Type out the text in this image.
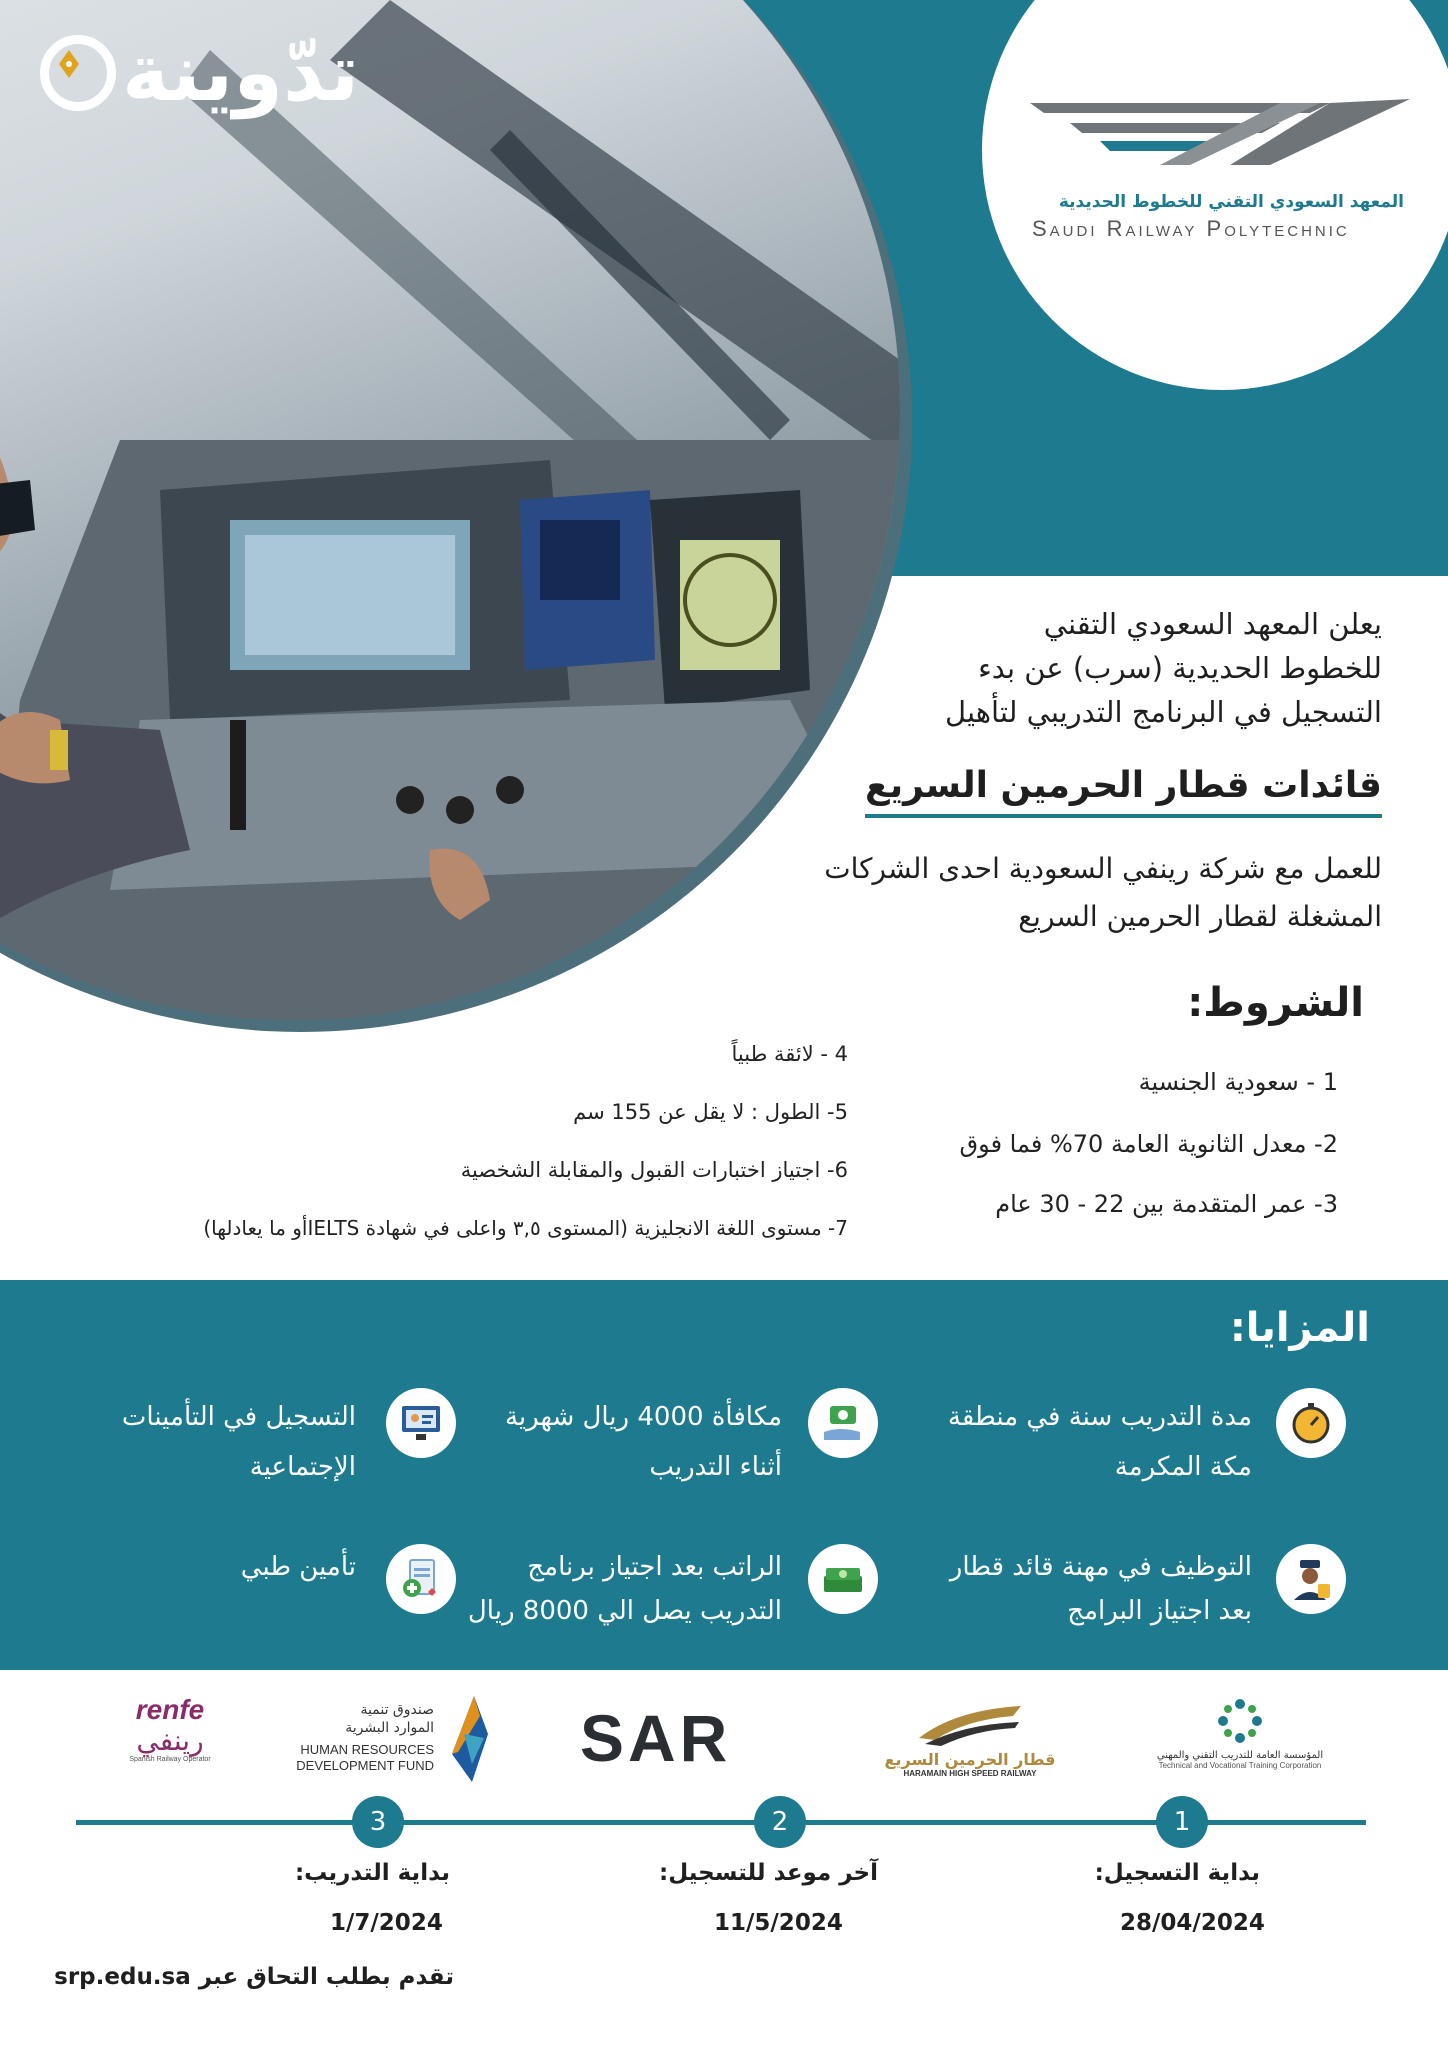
المعهد السعودي التقني للخطوط الحديدية
Saudi Railway Polytechnic
تدّوينة
يعلن المعهد السعودي التقني
للخطوط الحديدية (سرب) عن بدء
التسجيل في البرنامج التدريبي لتأهيل
قائدات قطار الحرمين السريع
للعمل مع شركة رينفي السعودية احدى الشركات
المشغلة لقطار الحرمين السريع
الشروط:
1 - سعودية الجنسية
2- معدل الثانوية العامة 70% فما فوق
3- عمر المتقدمة بين 22 - 30 عام
4 - لائقة طبياً
5- الطول : لا يقل عن 155 سم
6- اجتياز اختبارات القبول والمقابلة الشخصية
7- مستوى اللغة الانجليزية (المستوى ٣,٥ واعلى في شهادة IELTSأو ما يعادلها)
المزايا:
مدة التدريب سنة في منطقة
مكة المكرمة
مكافأة 4000 ريال شهرية
أثناء التدريب
التسجيل في التأمينات
الإجتماعية
التوظيف في مهنة قائد قطار
بعد اجتياز البرامج
الراتب بعد اجتياز برنامج
التدريب يصل الي 8000 ريال
تأمين طبي
المؤسسة العامة للتدريب التقني والمهني
Technical and Vocational Training Corporation
قطار الحرمين السريع
HARAMAIN HIGH SPEED RAILWAY
SAR
صندوق تنمية
الموارد البشرية
HUMAN RESOURCES
DEVELOPMENT FUND
renfe
رينفي
Spanish Railway Operator
1
بداية التسجيل:
28/04/2024
2
آخر موعد للتسجيل:
11/5/2024
3
بداية التدريب:
1/7/2024
تقدم بطلب التحاق عبر srp.edu.sa
